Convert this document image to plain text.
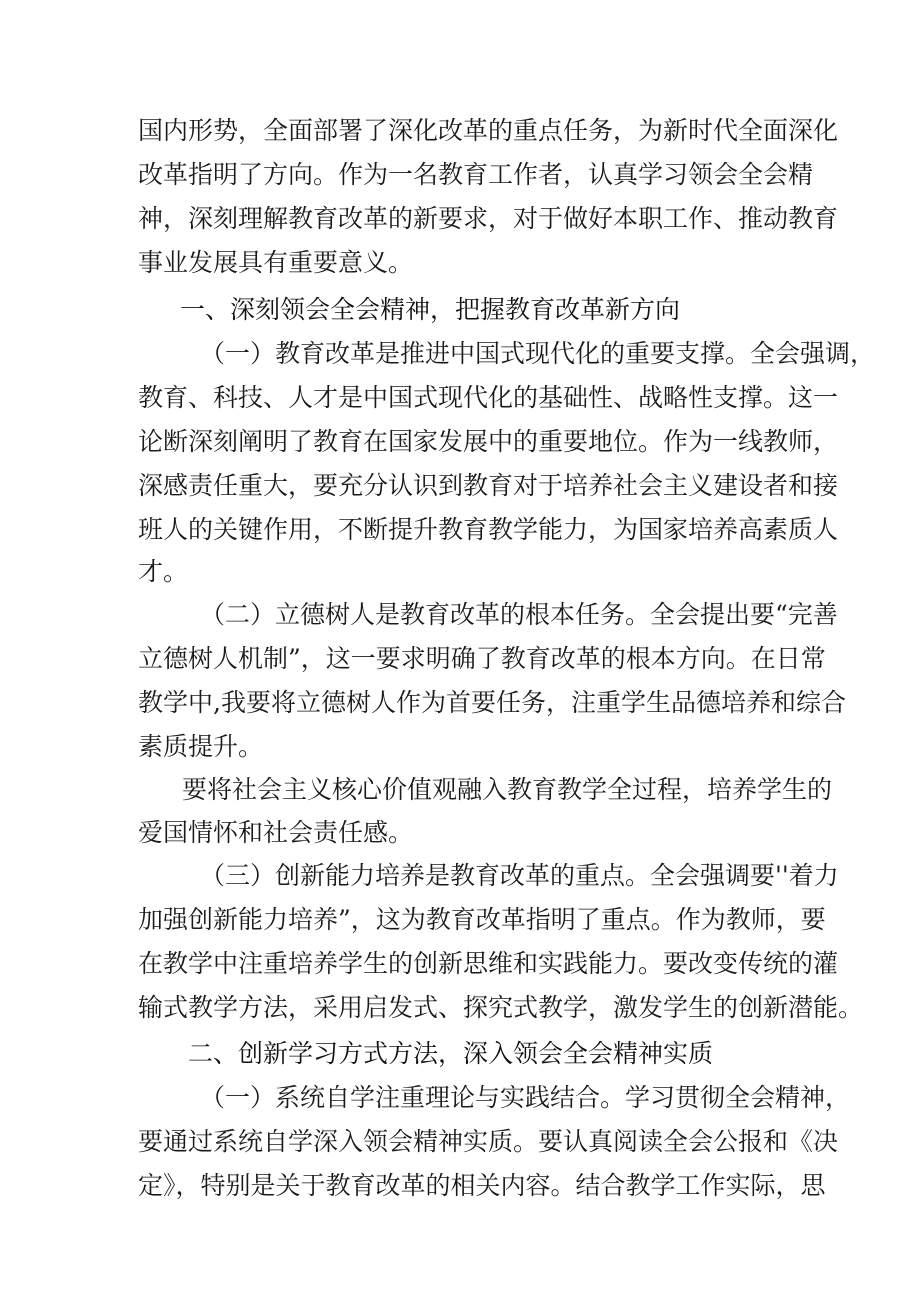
国内形势，全面部署了深化改革的重点任务，为新时代全面深化
改革指明了方向。作为一名教育工作者，认真学习领会全会精
神，深刻理解教育改革的新要求，对于做好本职工作、推动教育
事业发展具有重要意义。
一、深刻领会全会精神，把握教育改革新方向
（一）教育改革是推进中国式现代化的重要支撑。全会强调，
教育、科技、人才是中国式现代化的基础性、战略性支撑。这一
论断深刻阐明了教育在国家发展中的重要地位。作为一线教师，
深感责任重大，要充分认识到教育对于培养社会主义建设者和接
班人的关键作用，不断提升教育教学能力，为国家培养高素质人
才。
（二）立德树人是教育改革的根本任务。全会提出要“完善
立德树人机制”，这一要求明确了教育改革的根本方向。在日常
教学中,我要将立德树人作为首要任务，注重学生品德培养和综合
素质提升。
要将社会主义核心价值观融入教育教学全过程，培养学生的
爱国情怀和社会责任感。
（三）创新能力培养是教育改革的重点。全会强调要''着力
加强创新能力培养”，这为教育改革指明了重点。作为教师，要
在教学中注重培养学生的创新思维和实践能力。要改变传统的灌
输式教学方法，采用启发式、探究式教学，激发学生的创新潜能。
二、创新学习方式方法，深入领会全会精神实质
（一）系统自学注重理论与实践结合。学习贯彻全会精神，
要通过系统自学深入领会精神实质。要认真阅读全会公报和《决
定》，特别是关于教育改革的相关内容。结合教学工作实际，思
